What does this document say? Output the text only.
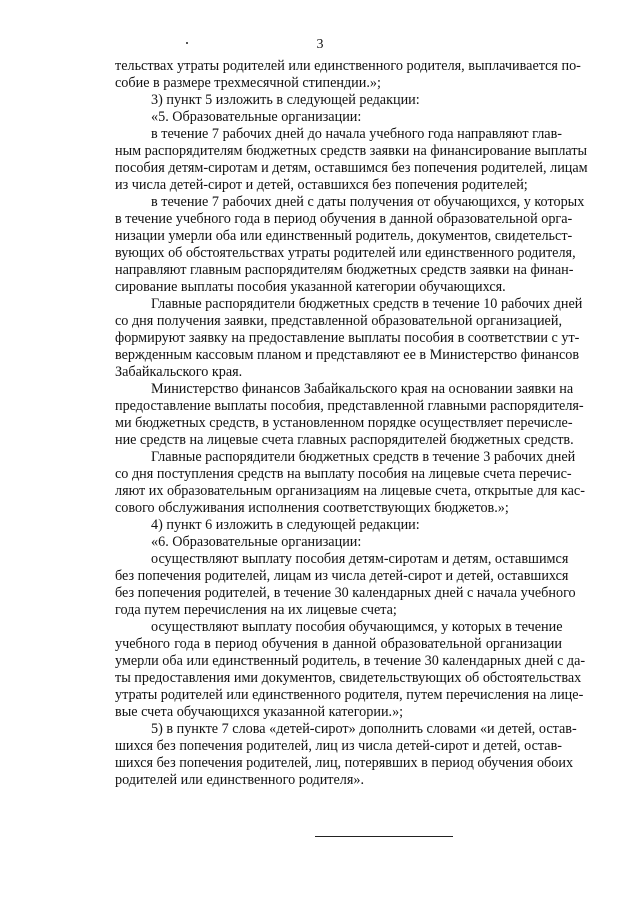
3
тельствах утраты родителей или единственного родителя, выплачивается по-
собие в размере трехмесячной стипендии.»;
3) пункт 5 изложить в следующей редакции:
«5. Образовательные организации:
в течение 7 рабочих дней до начала учебного года направляют глав-
ным распорядителям бюджетных средств заявки на финансирование выплаты
пособия детям-сиротам и детям, оставшимся без попечения родителей, лицам
из числа детей-сирот и детей, оставшихся без попечения родителей;
в течение 7 рабочих дней с даты получения от обучающихся, у которых
в течение учебного года в период обучения в данной образовательной орга-
низации умерли оба или единственный родитель, документов, свидетельст-
вующих об обстоятельствах утраты родителей или единственного родителя,
направляют главным распорядителям бюджетных средств заявки на финан-
сирование выплаты пособия указанной категории обучающихся.
Главные распорядители бюджетных средств в течение 10 рабочих дней
со дня получения заявки, представленной образовательной организацией,
формируют заявку на предоставление выплаты пособия в соответствии с ут-
вержденным кассовым планом и представляют ее в Министерство финансов
Забайкальского края.
Министерство финансов Забайкальского края на основании заявки на
предоставление выплаты пособия, представленной главными распорядителя-
ми бюджетных средств, в установленном порядке осуществляет перечисле-
ние средств на лицевые счета главных распорядителей бюджетных средств.
Главные распорядители бюджетных средств в течение 3 рабочих дней
со дня поступления средств на выплату пособия на лицевые счета перечис-
ляют их образовательным организациям на лицевые счета, открытые для кас-
сового обслуживания исполнения соответствующих бюджетов.»;
4) пункт 6 изложить в следующей редакции:
«6. Образовательные организации:
осуществляют выплату пособия детям-сиротам и детям, оставшимся
без попечения родителей, лицам из числа детей-сирот и детей, оставшихся
без попечения родителей, в течение 30 календарных дней с начала учебного
года путем перечисления на их лицевые счета;
осуществляют выплату пособия обучающимся, у которых в течение
учебного года в период обучения в данной образовательной организации
умерли оба или единственный родитель, в течение 30 календарных дней с да-
ты предоставления ими документов, свидетельствующих об обстоятельствах
утраты родителей или единственного родителя, путем перечисления на лице-
вые счета обучающихся указанной категории.»;
5) в пункте 7 слова «детей-сирот» дополнить словами «и детей, остав-
шихся без попечения родителей, лиц из числа детей-сирот и детей, остав-
шихся без попечения родителей, лиц, потерявших в период обучения обоих
родителей или единственного родителя».
